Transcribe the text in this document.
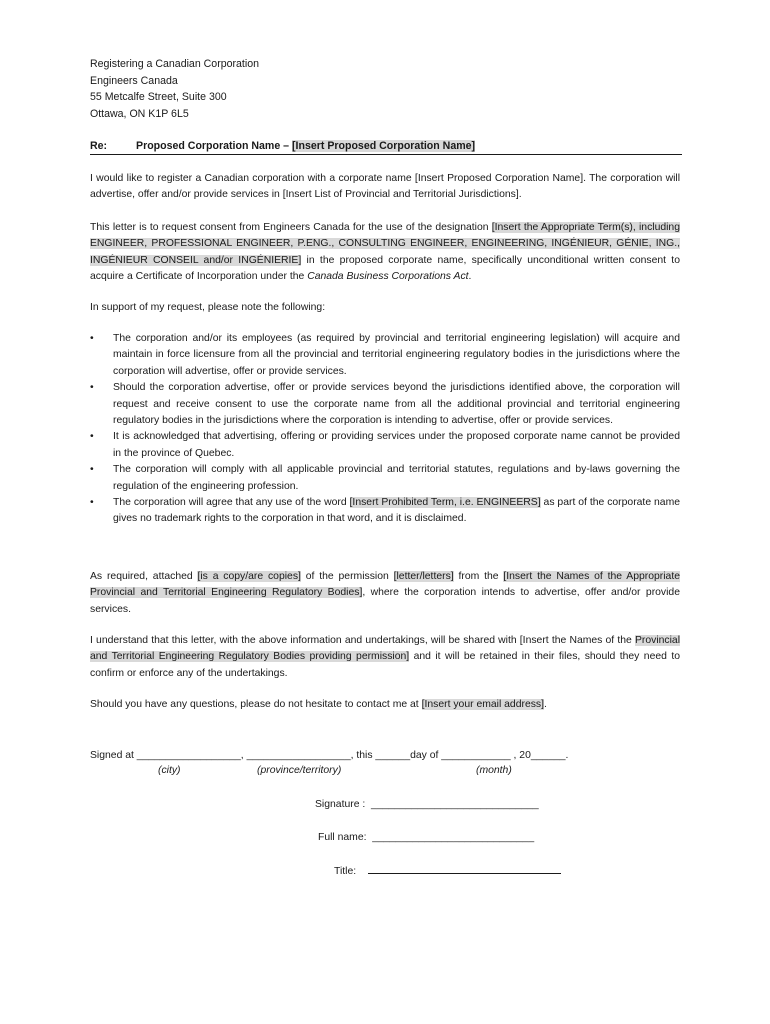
Registering a Canadian Corporation
Engineers Canada
55 Metcalfe Street, Suite 300
Ottawa, ON K1P 6L5
Re:	Proposed Corporation Name – [Insert Proposed Corporation Name]
I would like to register a Canadian corporation with a corporate name [Insert Proposed Corporation Name]. The corporation will advertise, offer and/or provide services in [Insert List of Provincial and Territorial Jurisdictions].
This letter is to request consent from Engineers Canada for the use of the designation [Insert the Appropriate Term(s), including ENGINEER, PROFESSIONAL ENGINEER, P.ENG., CONSULTING ENGINEER, ENGINEERING, INGÉNIEUR, GÉNIE, ING., INGÉNIEUR CONSEIL and/or INGÉNIERIE] in the proposed corporate name, specifically unconditional written consent to acquire a Certificate of Incorporation under the Canada Business Corporations Act.
In support of my request, please note the following:
• The corporation and/or its employees (as required by provincial and territorial engineering legislation) will acquire and maintain in force licensure from all the provincial and territorial engineering regulatory bodies in the jurisdictions where the corporation will advertise, offer or provide services.
• Should the corporation advertise, offer or provide services beyond the jurisdictions identified above, the corporation will request and receive consent to use the corporate name from all the additional provincial and territorial engineering regulatory bodies in the jurisdictions where the corporation is intending to advertise, offer or provide services.
• It is acknowledged that advertising, offering or providing services under the proposed corporate name cannot be provided in the province of Quebec.
• The corporation will comply with all applicable provincial and territorial statutes, regulations and by-laws governing the regulation of the engineering profession.
• The corporation will agree that any use of the word [Insert Prohibited Term, i.e. ENGINEERS] as part of the corporate name gives no trademark rights to the corporation in that word, and it is disclaimed.
As required, attached [is a copy/are copies] of the permission [letter/letters] from the [Insert the Names of the Appropriate Provincial and Territorial Engineering Regulatory Bodies], where the corporation intends to advertise, offer and/or provide services.
I understand that this letter, with the above information and undertakings, will be shared with [Insert the Names of the Provincial and Territorial Engineering Regulatory Bodies providing permission] and it will be retained in their files, should they need to confirm or enforce any of the undertakings.
Should you have any questions, please do not hesitate to contact me at [Insert your email address].
Signed at __________________, __________________, this ______day of ____________ , 20______.
(city)	(province/territory)	(month)
Signature : _____________________________
Full name: ____________________________
Title:
